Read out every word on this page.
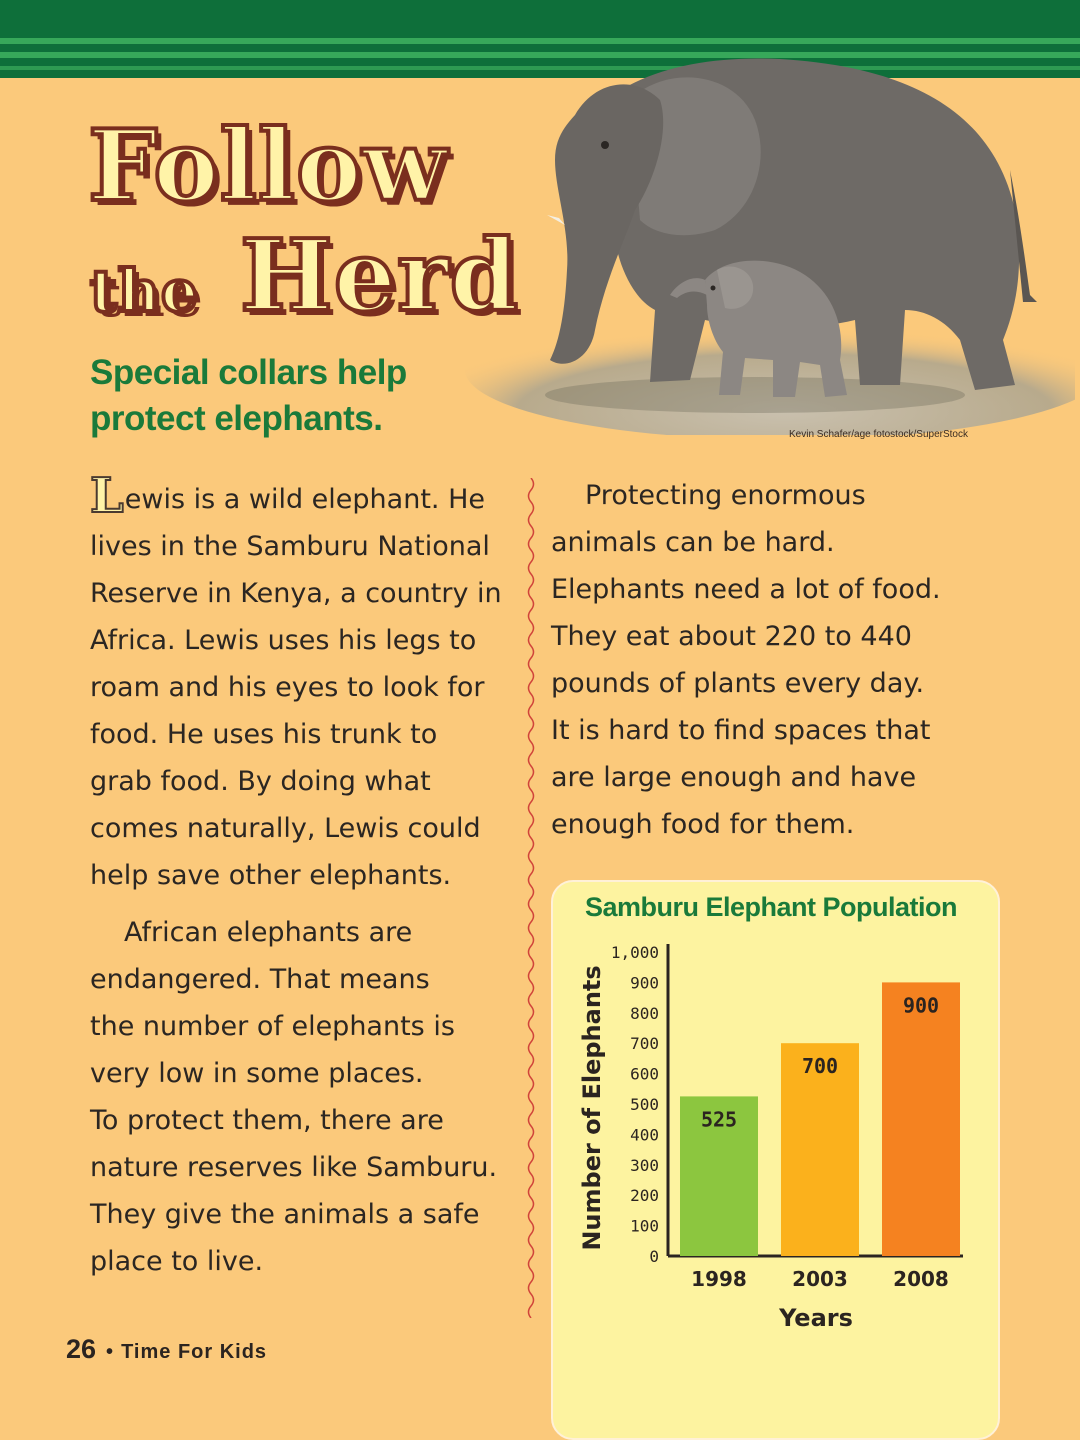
Kevin Schafer/age fotostock/SuperStock
Follow
the Herd
Special collars help
protect elephants.
Lewis is a wild elephant. He
lives in the Samburu National
Reserve in Kenya, a country in
Africa. Lewis uses his legs to
roam and his eyes to look for
food. He uses his trunk to
grab food. By doing what
comes naturally, Lewis could
help save other elephants.
African elephants are
endangered. That means
the number of elephants is
very low in some places.
To protect them, there are
nature reserves like Samburu.
They give the animals a safe
place to live.
Protecting enormous
animals can be hard.
Elephants need a lot of food.
They eat about 220 to 440
pounds of plants every day.
It is hard to find spaces that
are large enough and have
enough food for them.
Samburu Elephant Population
0
100
200
300
400
500
600
700
800
900
1,000
525
1998
700
2003
900
2008
Years
Number of Elephants
26 • Time For Kids
